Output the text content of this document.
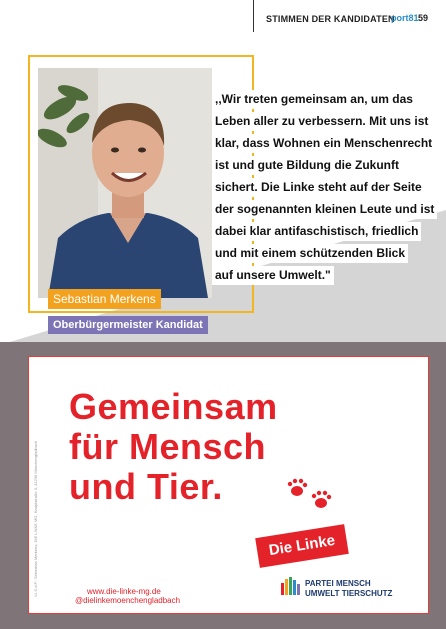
STIMMEN DER KANDIDATEN
port81 59
Sebastian Merkens
Oberbürgermeister Kandidat
,,Wir treten gemeinsam an, um das
Leben aller zu verbessern. Mit uns ist
klar, dass Wohnen ein Menschenrecht
ist und gute Bildung die Zukunft
sichert. Die Linke steht auf der Seite
der sogenannten kleinen Leute und ist
dabei klar antifaschistisch, friedlich
und mit einem schützenden Blick
auf unsere Umwelt."
V.i.S.d.P.: Sebastian Merkens, DIE LINKE MG, Hauptstraße 3, 41236 Mönchengladbach
Gemeinsam
für Mensch
und Tier.
Die Linke
www.die-linke-mg.de
@dielinkemoenchengladbach
PARTEI MENSCH
UMWELT TIERSCHUTZ
